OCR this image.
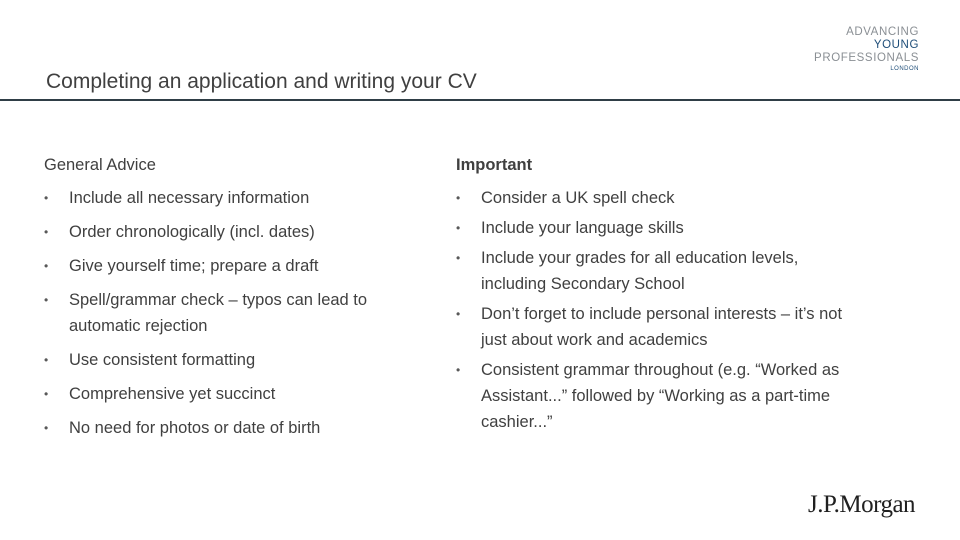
Completing an application and writing your CV
ADVANCING
YOUNG
PROFESSIONALS
LONDON
General Advice
• Include all necessary information
• Order chronologically (incl. dates)
• Give yourself time; prepare a draft
• Spell/grammar check – typos can lead to automatic rejection
• Use consistent formatting
• Comprehensive yet succinct
• No need for photos or date of birth
Important
• Consider a UK spell check
• Include your language skills
• Include your grades for all education levels, including Secondary School
• Don’t forget to include personal interests – it’s not just about work and academics
• Consistent grammar throughout (e.g. “Worked as Assistant...” followed by “Working as a part-time cashier...”
J.P.Morgan
